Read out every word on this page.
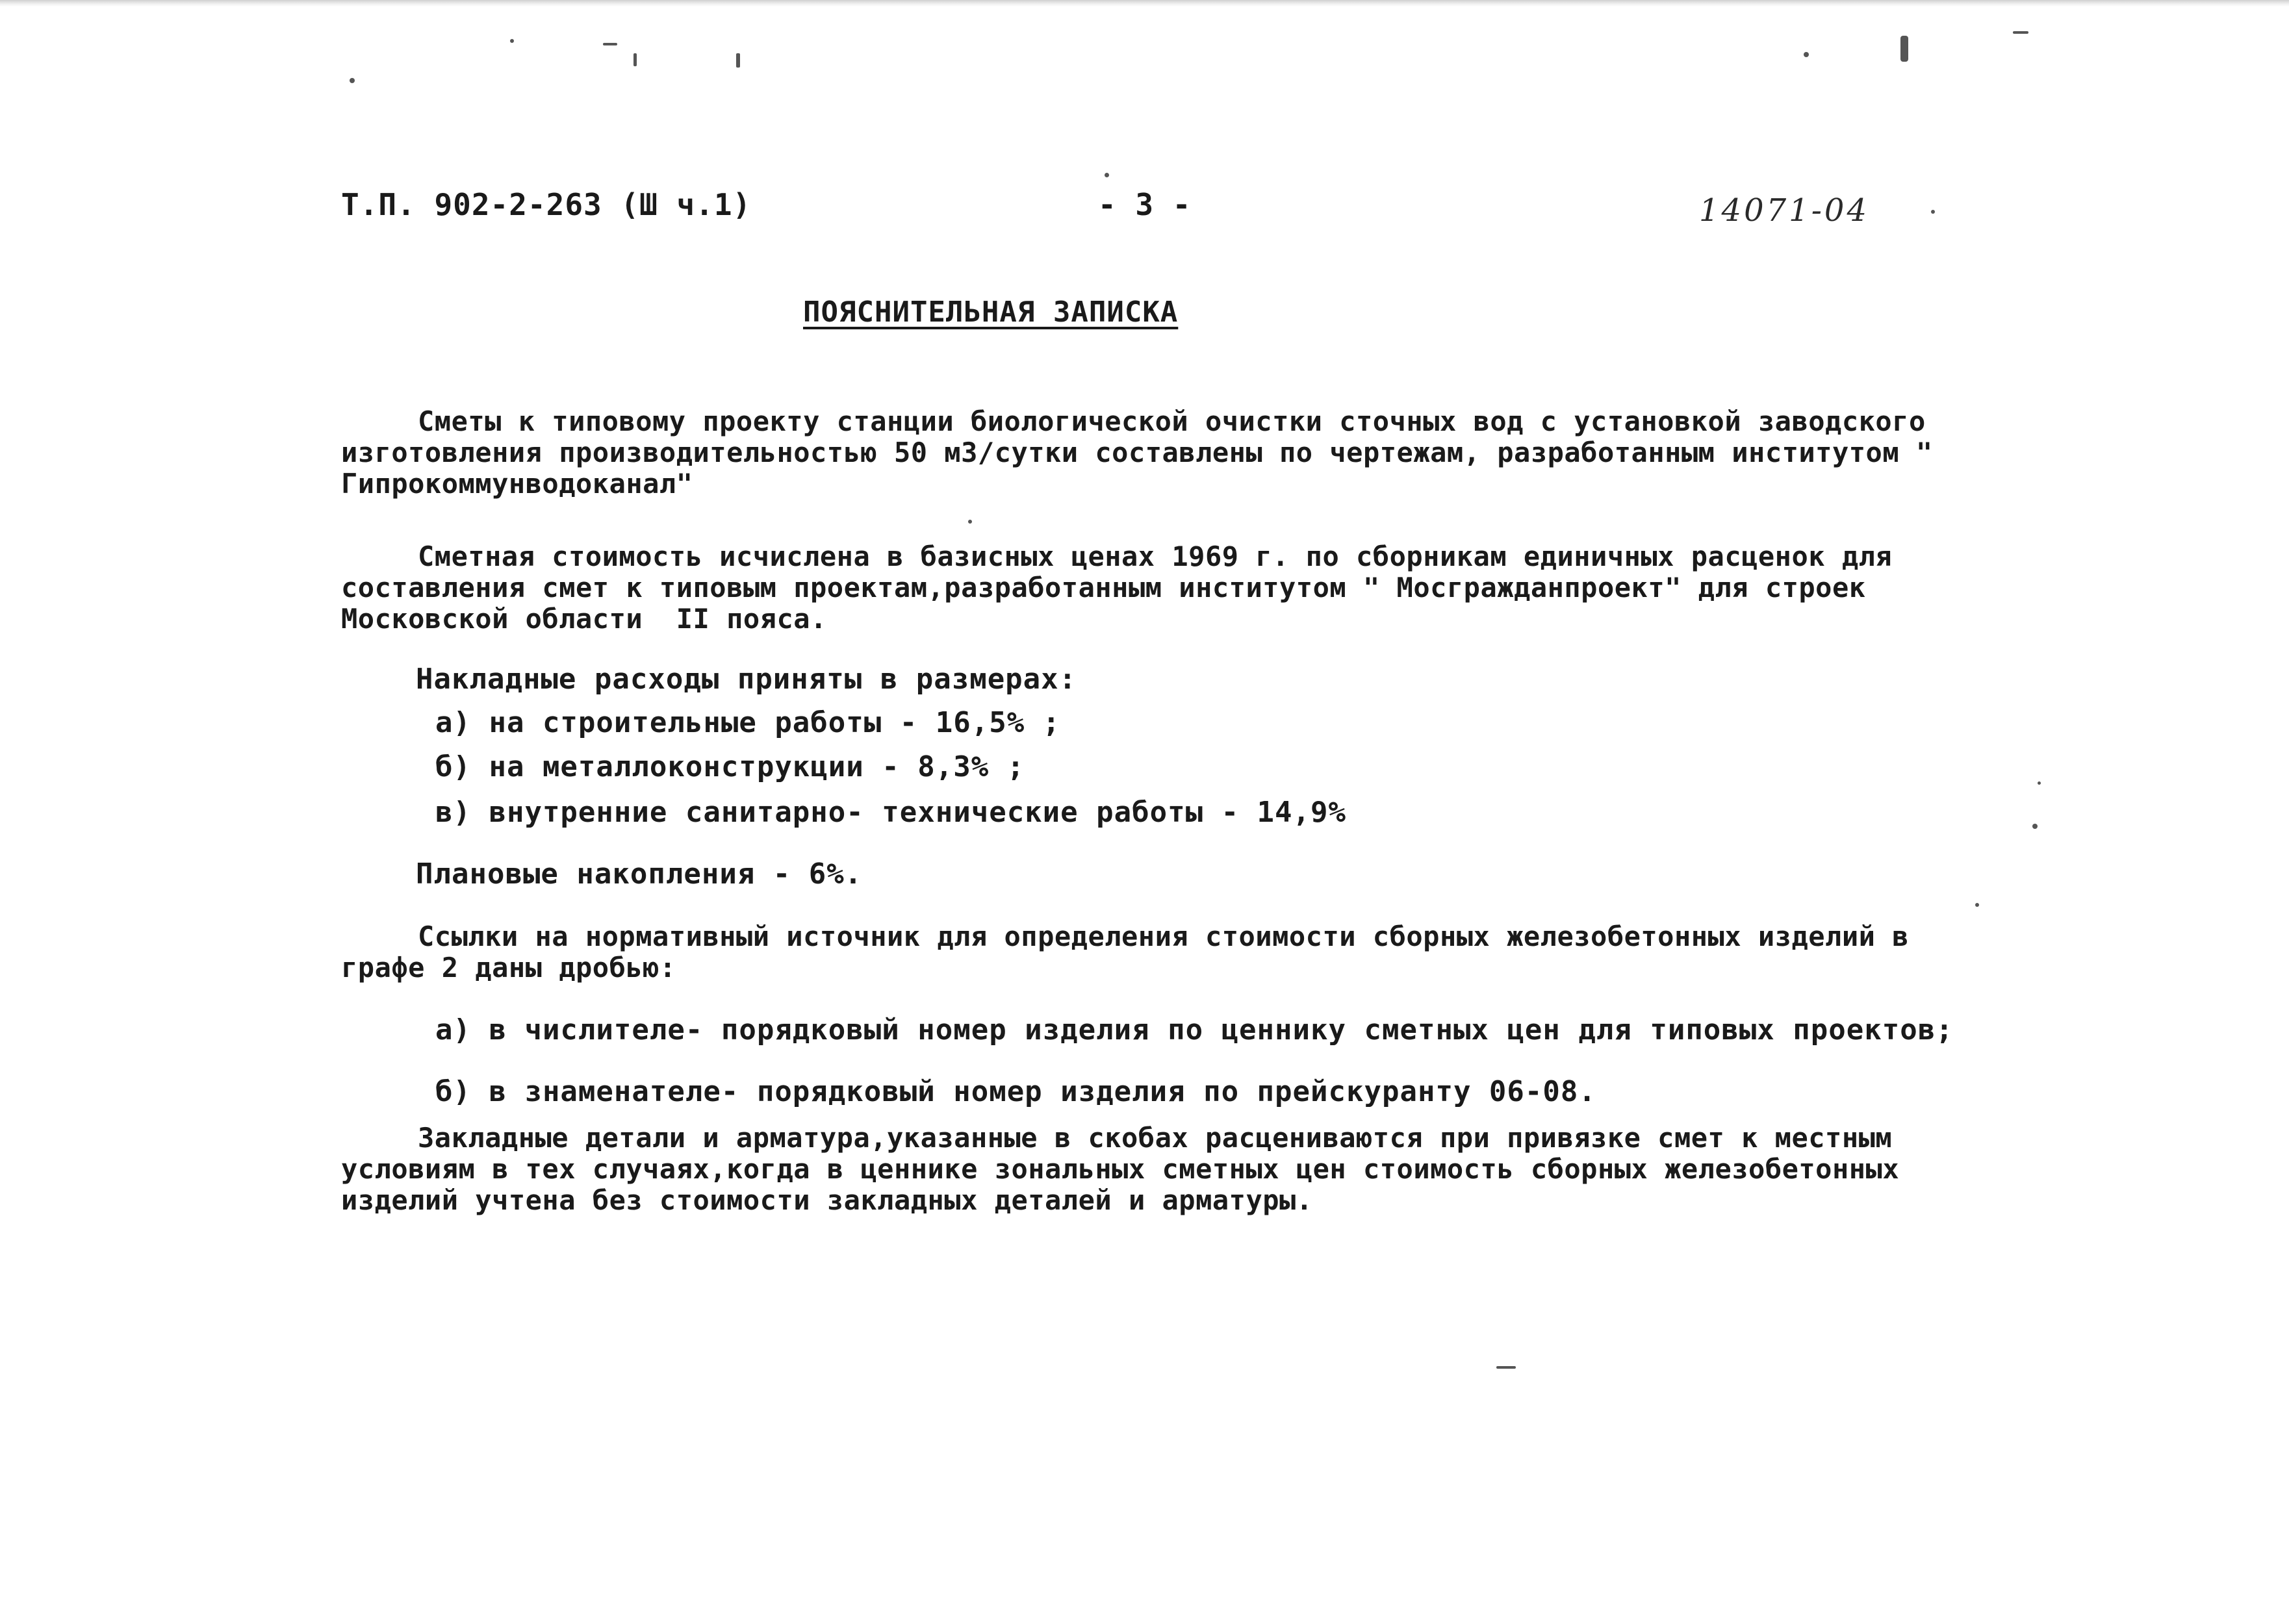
Т.П. 902-2-263 (Ш ч.1)	- 3 -	14071-04
ПОЯСНИТЕЛЬНАЯ ЗАПИСКА
Сметы к типовому проекту станции биологической очистки сточных вод с установкой заводского изготовления производительностью 50 м3/сутки составлены по чертежам, разработанным институтом " Гипрокоммунводоканал"
Сметная стоимость исчислена в базисных ценах 1969 г. по сборникам единичных расценок для составления смет к типовым проектам,разработанным институтом " Мосгражданпроект" для строек Московской области  II пояса.
Накладные расходы приняты в размерах:
а) на строительные работы - 16,5% ;
б) на металлоконструкции - 8,3% ;
в) внутренние санитарно- технические работы - 14,9%
Плановые накопления - 6%.
Ссылки на нормативный источник для определения стоимости сборных железобетонных изделий в графе 2 даны дробью:
а) в числителе- порядковый номер изделия по ценнику сметных цен для типовых проектов;
б) в знаменателе- порядковый номер изделия по прейскуранту 06-08.
Закладные детали и арматура,указанные в скобах расцениваются при привязке смет к местным условиям в тех случаях,когда в ценнике зональных сметных цен стоимость сборных железобетонных изделий учтена без стоимости закладных деталей и арматуры.
